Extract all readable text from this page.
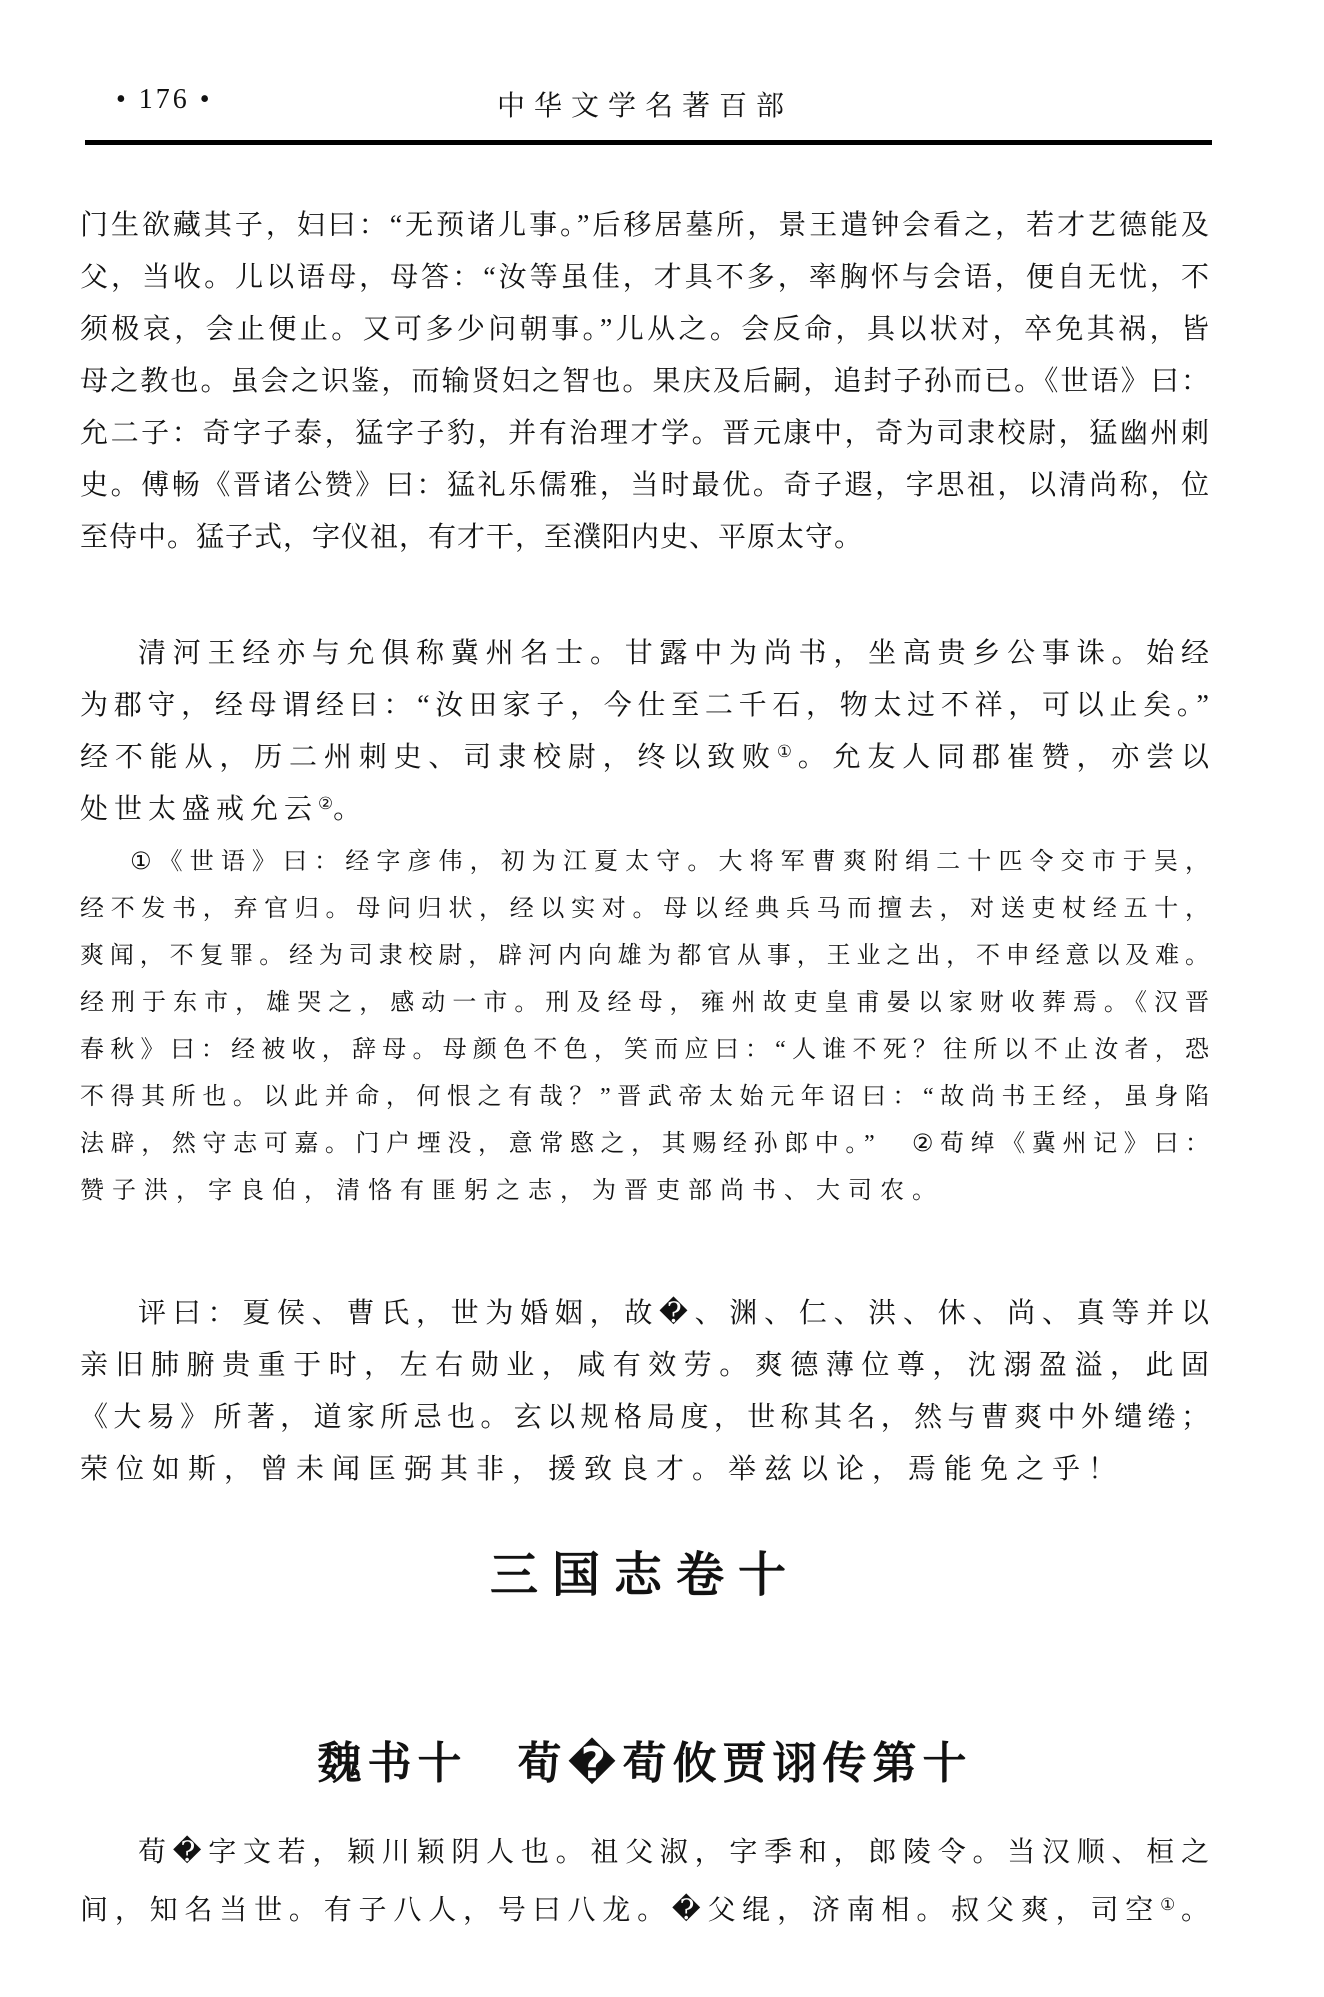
• 176 •	中华文学名著百部
门生欲藏其子，妇曰：“无预诸儿事。”后移居墓所，景王遣钟会看之，若才艺德能及
父，当收。儿以语母，母答：“汝等虽佳，才具不多，率胸怀与会语，便自无忧，不
须极哀，会止便止。又可多少问朝事。”儿从之。会反命，具以状对，卒免其祸，皆
母之教也。虽会之识鉴，而输贤妇之智也。果庆及后嗣，追封子孙而已。《世语》曰：
允二子：奇字子泰，猛字子豹，并有治理才学。晋元康中，奇为司隶校尉，猛幽州刺
史。傅畅《晋诸公赞》曰：猛礼乐儒雅，当时最优。奇子遐，字思祖，以清尚称，位
至侍中。猛子式，字仪祖，有才干，至濮阳内史、平原太守。
清河王经亦与允俱称冀州名士。甘露中为尚书，坐高贵乡公事诛。始经
为郡守，经母谓经曰：“汝田家子，今仕至二千石，物太过不祥，可以止矣。”
经不能从，历二州刺史、司隶校尉，终以致败①。允友人同郡崔赞，亦尝以
处世太盛戒允云②。
①《世语》曰：经字彦伟，初为江夏太守。大将军曹爽附绢二十匹令交市于吴，
经不发书，弃官归。母问归状，经以实对。母以经典兵马而擅去，对送吏杖经五十，
爽闻，不复罪。经为司隶校尉，辟河内向雄为都官从事，王业之出，不申经意以及难。
经刑于东市，雄哭之，感动一市。刑及经母，雍州故吏皇甫晏以家财收葬焉。《汉晋
春秋》曰：经被收，辞母。母颜色不色，笑而应曰：“人谁不死？往所以不止汝者，恐
不得其所也。以此并命，何恨之有哉？”晋武帝太始元年诏曰：“故尚书王经，虽身陷
法辟，然守志可嘉。门户堙没，意常愍之，其赐经孙郎中。”　②荀绰《冀州记》曰：
赞子洪，字良伯，清恪有匪躬之志，为晋吏部尚书、大司农。
评曰：夏侯、曹氏，世为婚姻，故�、渊、仁、洪、休、尚、真等并以
亲旧肺腑贵重于时，左右勋业，咸有效劳。爽德薄位尊，沈溺盈溢，此固
《大易》所著，道家所忌也。玄以规格局度，世称其名，然与曹爽中外缱绻；
荣位如斯，曾未闻匡弼其非，援致良才。举兹以论，焉能免之乎！
三国志卷十
魏书十　荀�荀攸贾诩传第十
荀�字文若，颖川颖阴人也。祖父淑，字季和，郎陵令。当汉顺、桓之
间，知名当世。有子八人，号曰八龙。�父绲，济南相。叔父爽，司空①。
